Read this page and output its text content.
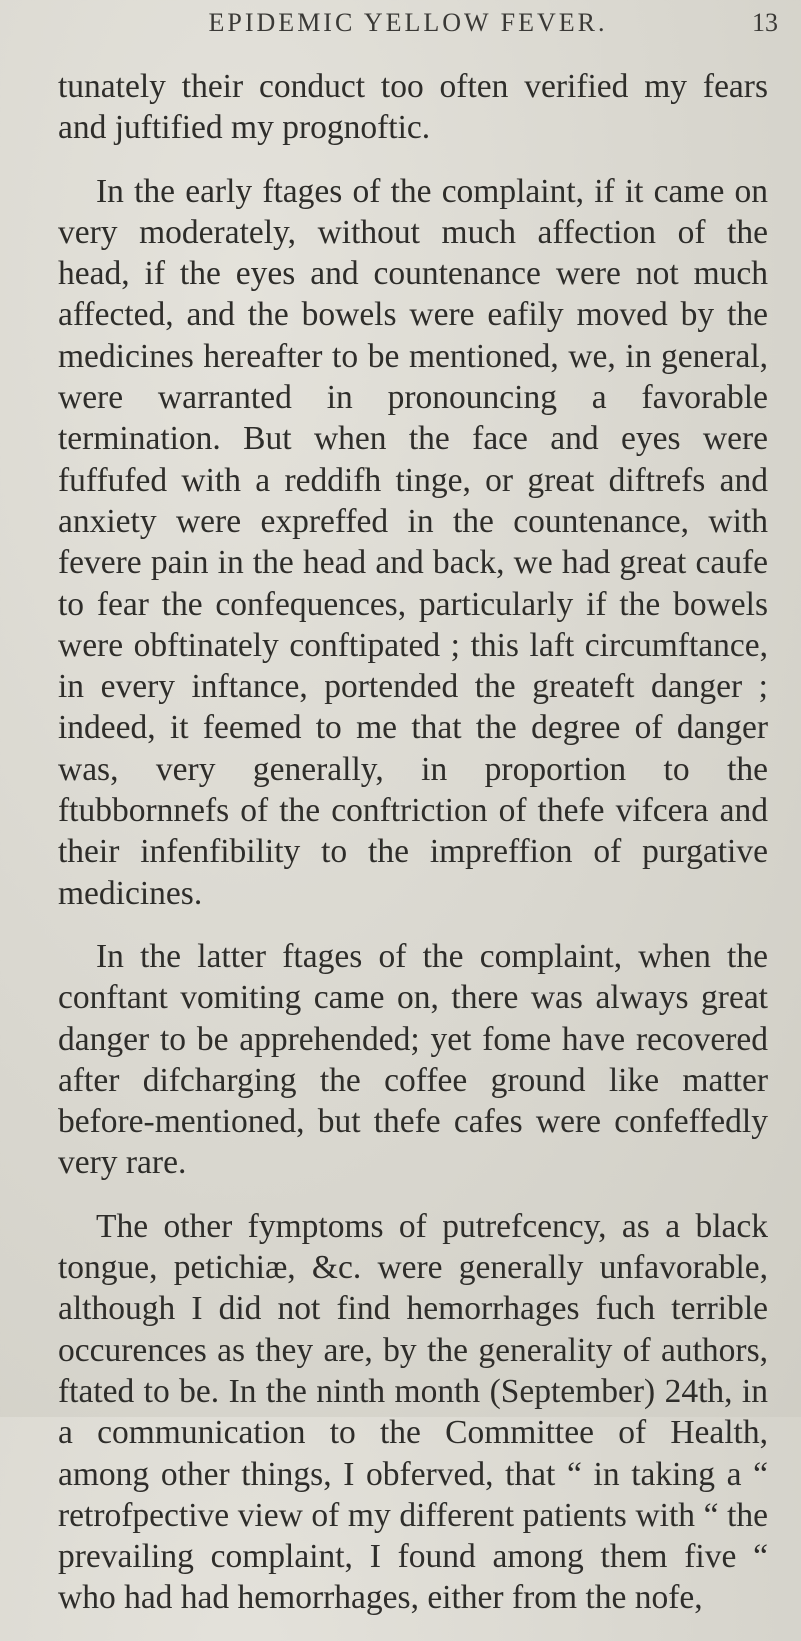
EPIDEMIC YELLOW FEVER.	13

tunately their conduct too often verified my fears and juftified my prognoftic.

In the early ftages of the complaint, if it came on very moderately, without much affection of the head, if the eyes and countenance were not much affected, and the bowels were eafily moved by the medicines hereafter to be mentioned, we, in general, were warranted in pronouncing a favorable termination. But when the face and eyes were fuffufed with a reddifh tinge, or great diftrefs and anxiety were expreffed in the countenance, with fevere pain in the head and back, we had great caufe to fear the confequences, particularly if the bowels were obftinately conftipated ; this laft circumftance, in every inftance, portended the greateft danger ; indeed, it feemed to me that the degree of danger was, very generally, in proportion to the ftubbornnefs of the conftriction of thefe vifcera and their infenfibility to the impreffion of purgative medicines.

In the latter ftages of the complaint, when the conftant vomiting came on, there was always great danger to be apprehended; yet fome have recovered after difcharging the coffee ground like matter before-mentioned, but thefe cafes were confeffedly very rare.

The other fymptoms of putrefcency, as a black tongue, petichiæ, &c. were generally unfavorable, although I did not find hemorrhages fuch terrible occurences as they are, by the generality of authors, ftated to be. In the ninth month (September) 24th, in a communication to the Committee of Health, among other things, I obferved, that “ in taking a “ retrofpective view of my different patients with “ the prevailing complaint, I found among them five “ who had had hemorrhages, either from the nofe,
